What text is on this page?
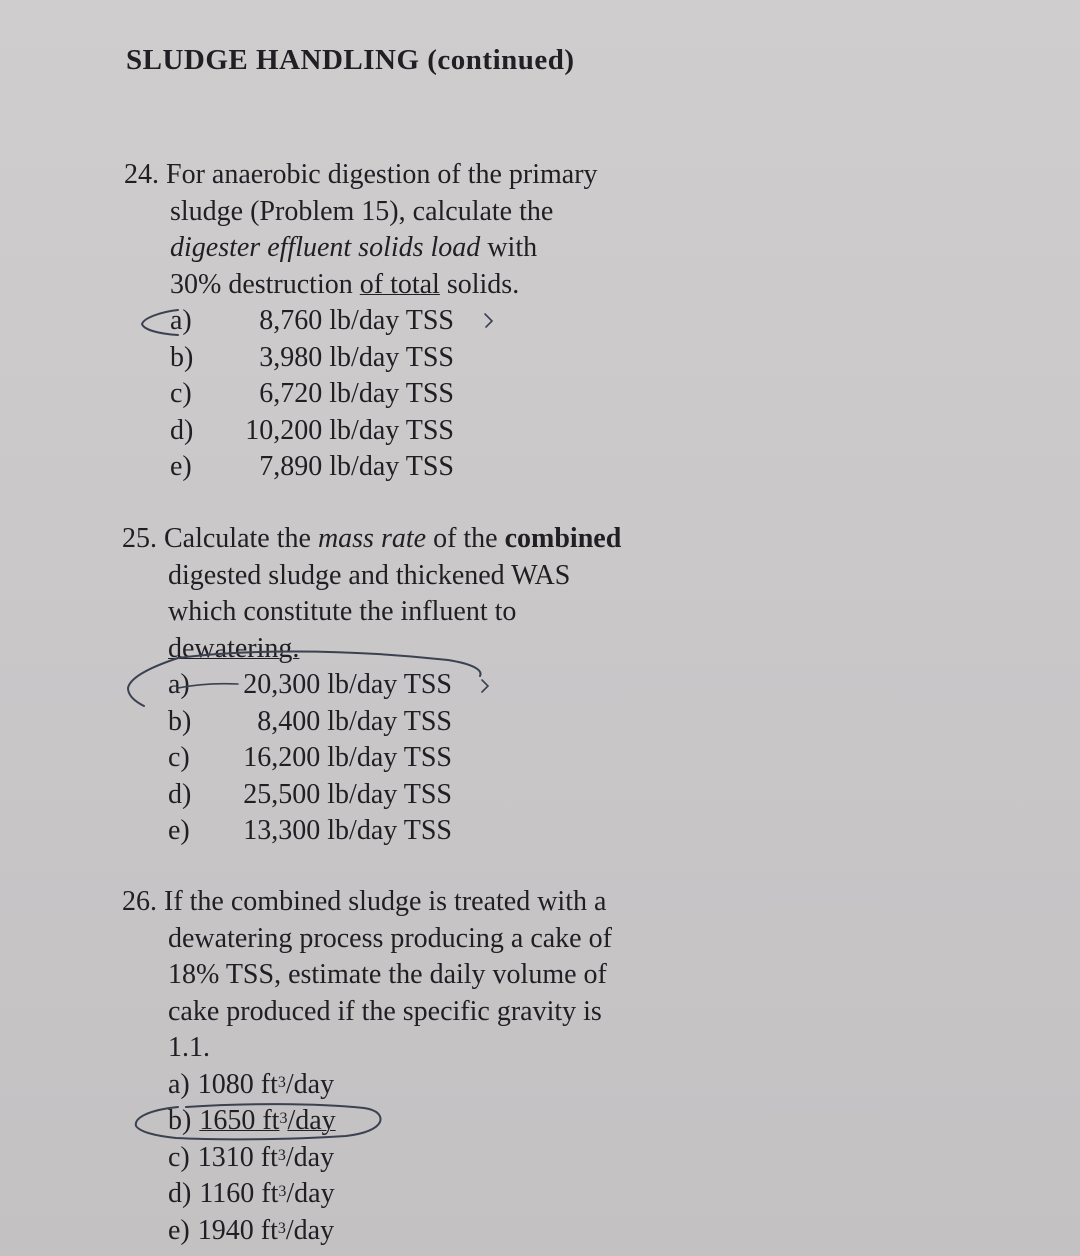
SLUDGE HANDLING (continued)
24. For anaerobic digestion of the primary
sludge (Problem 15), calculate the
digester effluent solids load with
30% destruction of total solids.
a) 8,760 lb/day TSS
b) 3,980 lb/day TSS
c) 6,720 lb/day TSS
d) 10,200 lb/day TSS
e) 7,890 lb/day TSS
25. Calculate the mass rate of the combined
digested sludge and thickened WAS
which constitute the influent to
dewatering.
a) 20,300 lb/day TSS
b) 8,400 lb/day TSS
c) 16,200 lb/day TSS
d) 25,500 lb/day TSS
e) 13,300 lb/day TSS
26. If the combined sludge is treated with a
dewatering process producing a cake of
18% TSS, estimate the daily volume of
cake produced if the specific gravity is
1.1.
a) 1080 $ft^3$/day
b) 1650 $ft^3$/day
c) 1310 $ft^3$/day
d) 1160 $ft^3$/day
e) 1940 $ft^3$/day
